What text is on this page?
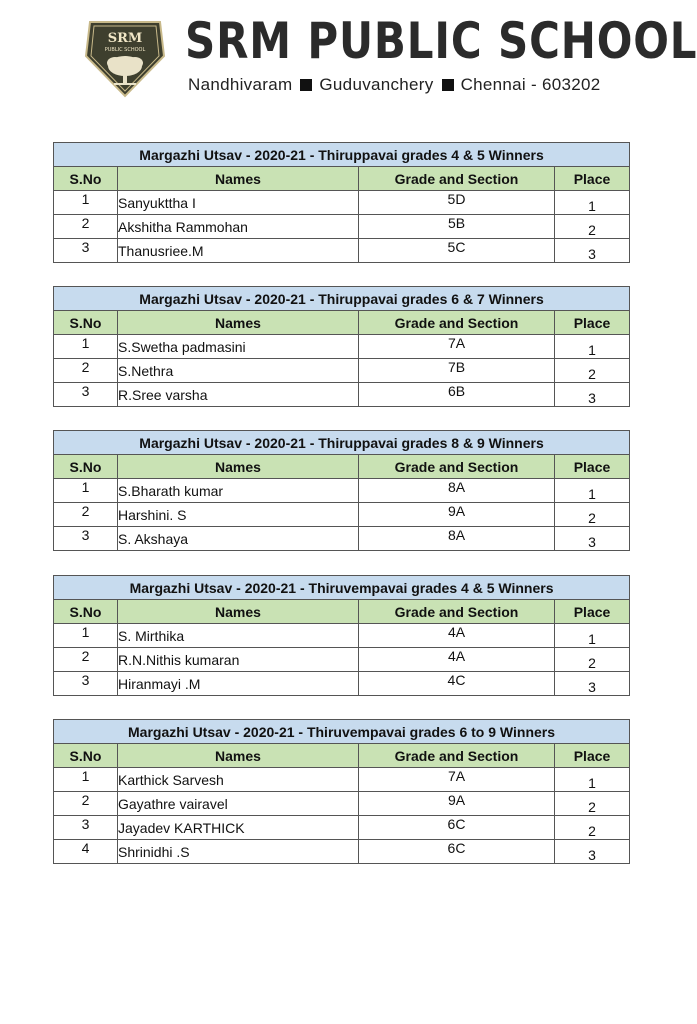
SRM
PUBLIC SCHOOL SRM PUBLIC SCHOOL
Nandhivaram Guduvanchery Chennai - 603202
Margazhi Utsav - 2020-21 - Thiruppavai grades 4 & 5 Winners			
S.No	Names	Grade and Section	Place
1	Sanyukttha I	5D	1
2	Akshitha Rammohan	5B	2
3	Thanusriee.M	5C	3
Margazhi Utsav - 2020-21 - Thiruppavai grades 6 & 7 Winners			
S.No	Names	Grade and Section	Place
1	S.Swetha padmasini	7A	1
2	S.Nethra	7B	2
3	R.Sree varsha	6B	3
Margazhi Utsav - 2020-21 - Thiruppavai grades 8 & 9 Winners			
S.No	Names	Grade and Section	Place
1	S.Bharath kumar	8A	1
2	Harshini. S	9A	2
3	S. Akshaya	8A	3
Margazhi Utsav - 2020-21 - Thiruvempavai grades 4 & 5 Winners			
S.No	Names	Grade and Section	Place
1	S. Mirthika	4A	1
2	R.N.Nithis kumaran	4A	2
3	Hiranmayi .M	4C	3
Margazhi Utsav - 2020-21 - Thiruvempavai grades 6 to 9 Winners			
S.No	Names	Grade and Section	Place
1	Karthick Sarvesh	7A	1
2	Gayathre vairavel	9A	2
3	Jayadev KARTHICK	6C	2
4	Shrinidhi .S	6C	3
